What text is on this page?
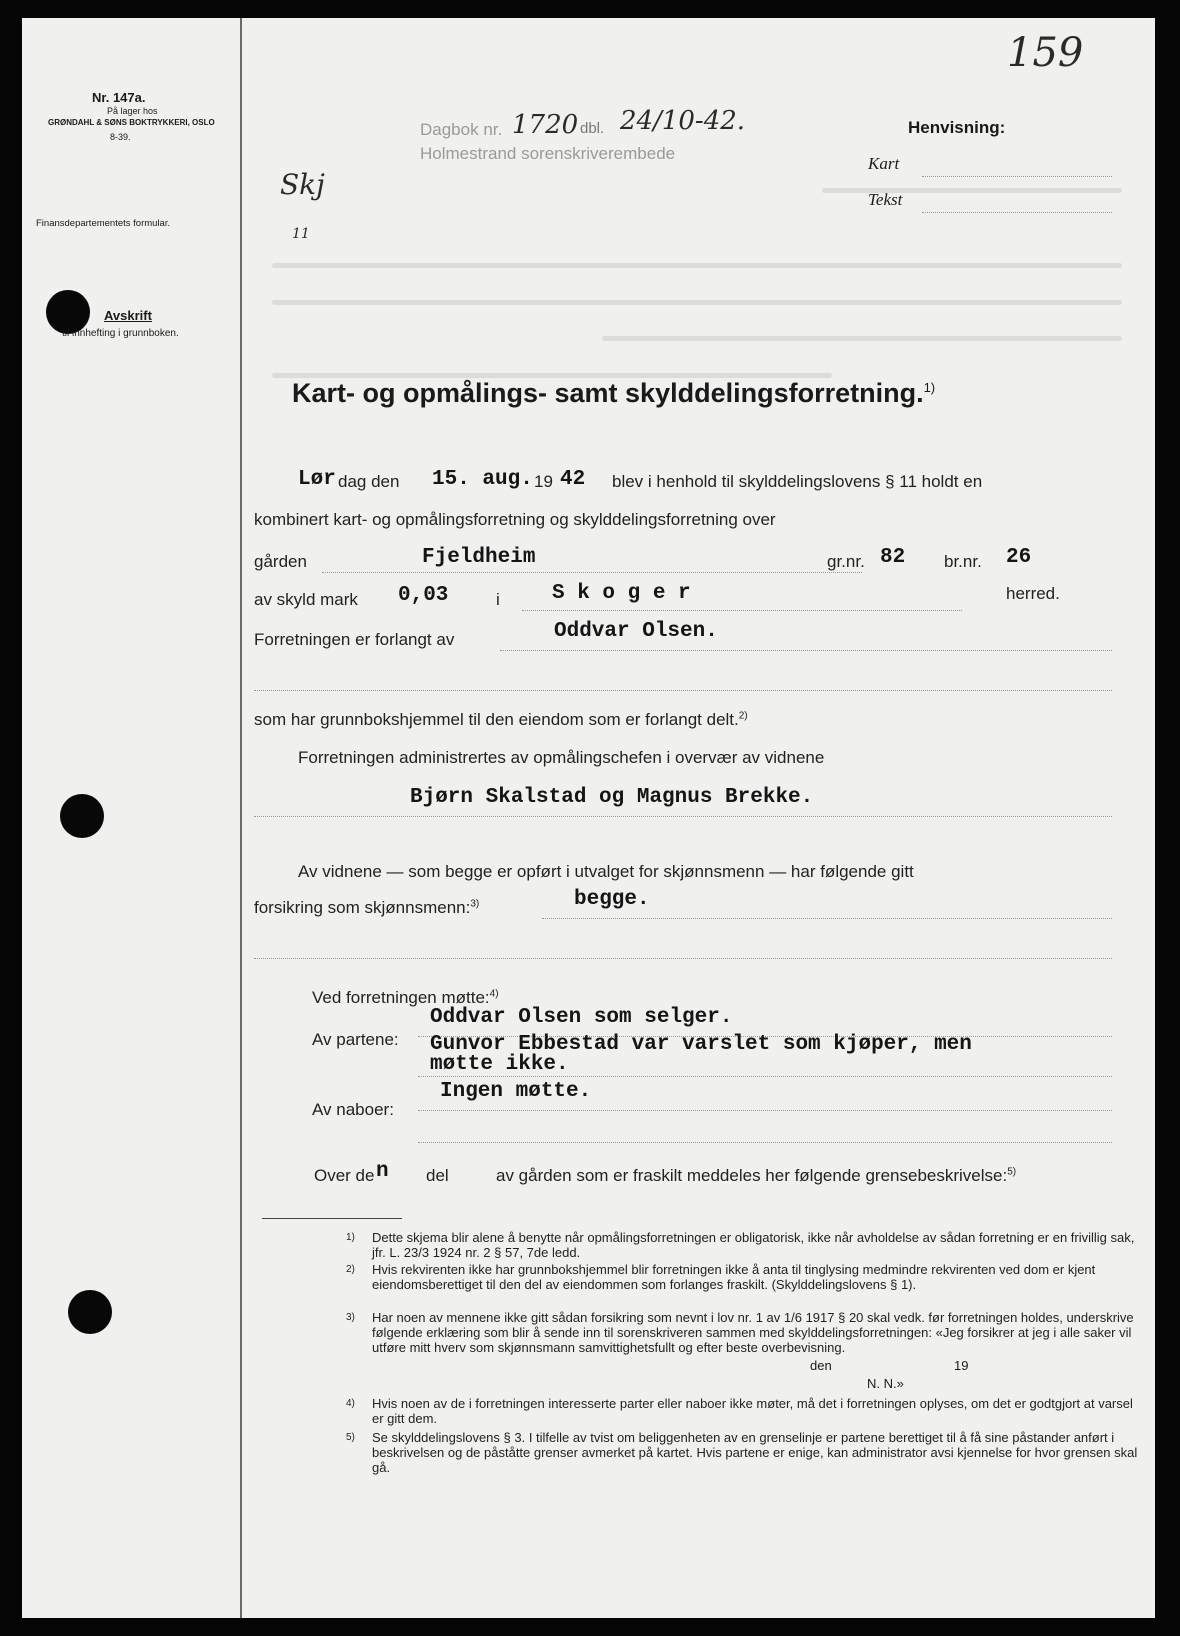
159
Nr. 147a.
På lager hos
GRØNDAHL & SØNS BOKTRYKKERI, OSLO
8-39.
Finansdepartementets formular.
Avskrift
til innhefting i grunnboken.
Dagbok nr. 1720 dbl. 24/10-42.
Holmestrand sorenskriverembede
Skj
11
Henvisning:
Kart
Tekst
Kart- og opmålings- samt skylddelingsforretning.$^{1)}$
Lør dag den 15. aug. 19 42 blev i henhold til skylddelingslovens § 11 holdt en
kombinert kart- og opmålingsforretning og skylddelingsforretning over
gården	Fjeldheim	gr.nr. 82 br.nr. 26
av skyld mark 0,03	i S k o g e r	herred.
Forretningen er forlangt av	Oddvar Olsen.
som har grunnbokshjemmel til den eiendom som er forlangt delt.$^{2)}$
Forretningen administrertes av opmålingschefen i overvær av vidnene
Bjørn Skalstad og Magnus Brekke.
Av vidnene — som begge er opført i utvalget for skjønnsmenn — har følgende gitt
forsikring som skjønnsmenn:$^{3)}$	begge.
Ved forretningen møtte:$^{4)}$
Av partene:
Oddvar Olsen som selger.
Gunvor Ebbestad var varslet som kjøper, men
møtte ikke.
Av naboer:
Ingen møtte.
Over de n del	av gården som er fraskilt meddeles her følgende grensebeskrivelse:$^{5)}$
1) Dette skjema blir alene å benytte når opmålingsforretningen er obligatorisk, ikke når avholdelse av sådan forretning er en frivillig sak, jfr. L. 23/3 1924 nr. 2 § 57, 7de ledd.
2) Hvis rekvirenten ikke har grunnbokshjemmel blir forretningen ikke å anta til tinglysing medmindre rekvirenten ved dom er kjent eiendomsberettiget til den del av eiendommen som forlanges fraskilt. (Skylddelingslovens § 1).
3) Har noen av mennene ikke gitt sådan forsikring som nevnt i lov nr. 1 av 1/6 1917 § 20 skal vedk. før forretningen holdes, underskrive følgende erklæring som blir å sende inn til sorenskriveren sammen med skylddelingsforretningen: «Jeg forsikrer at jeg i alle saker vil utføre mitt hverv som skjønnsmann samvittighetsfullt og efter beste overbevisning.
den	19
N. N.»
4) Hvis noen av de i forretningen interesserte parter eller naboer ikke møter, må det i forretningen oplyses, om det er godtgjort at varsel er gitt dem.
5) Se skylddelingslovens § 3. I tilfelle av tvist om beliggenheten av en grenselinje er partene berettiget til å få sine påstander anført i beskrivelsen og de påståtte grenser avmerket på kartet. Hvis partene er enige, kan administrator avsi kjennelse for hvor grensen skal gå.
